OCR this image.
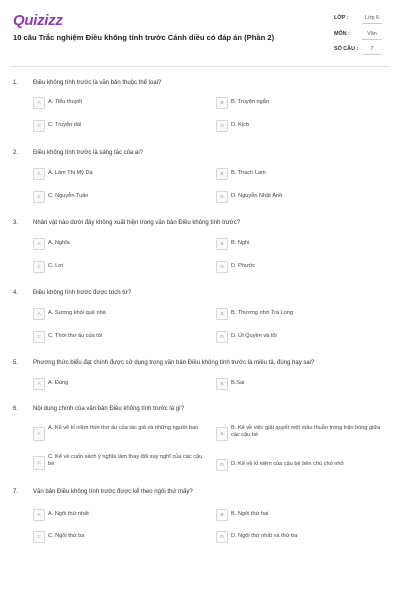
Quizizz
10 câu Trắc nghiệm Điều không tính trước Cánh diều có đáp án (Phần 2)
LỚP :	Lớp 6
MÔN :	Văn
SỐ CÂU :	7
1. Điều không tính trước là văn bản thuộc thể loại?
A	A. Tiểu thuyết	B	B. Truyện ngắn
C	C. Truyện dài	D	D. Kịch
2. Điều không tính trước là sáng tác của ai?
A	A. Lâm Thị Mỹ Dạ	B	B. Thạch Lam
C	C. Nguyễn Tuân	D	D. Nguyễn Nhật Ánh
3. Nhân vật nào dưới đây không xuất hiện trong văn bản Điều không tính trước?
A	A. Nghĩa	B	B. Nghi
C	C. Lợi	D	D. Phước
4. Điều không tính trước được trích từ?
A	A. Sương khói quê nhà	B	B. Thương nhớ Trà Long
C	C. Thời thơ ấu của tôi	D	D. Út Quyên và tôi
5. Phương thức biểu đạt chính được sử dụng trong văn bản Điều không tính trước là miêu tả, đúng hay sai?
A	A. Đúng	B	B.Sai
6. Nội dung chính của văn bản Điều không tính trước là gì?
A
A. Kể về kỉ niệm thời thơ ấu của tác giả và những người bạn
B
B. Kể về việc giải quyết một mâu thuẫn trong trận bóng giữa các cậu bé
C
C. Kể về cuốn sách ý nghĩa làm thay đổi suy nghĩ của các cậu bé	D	D. Kể về kỉ niệm của cậu bé bên chú chó nhỏ
7. Văn bản Điều không tính trước được kể theo ngôi thứ mấy?
A	A. Ngôi thứ nhất	B	B. Ngôi thứ hai
C	C. Ngôi thứ ba	D	D. Ngôi thứ nhất và thứ ba
